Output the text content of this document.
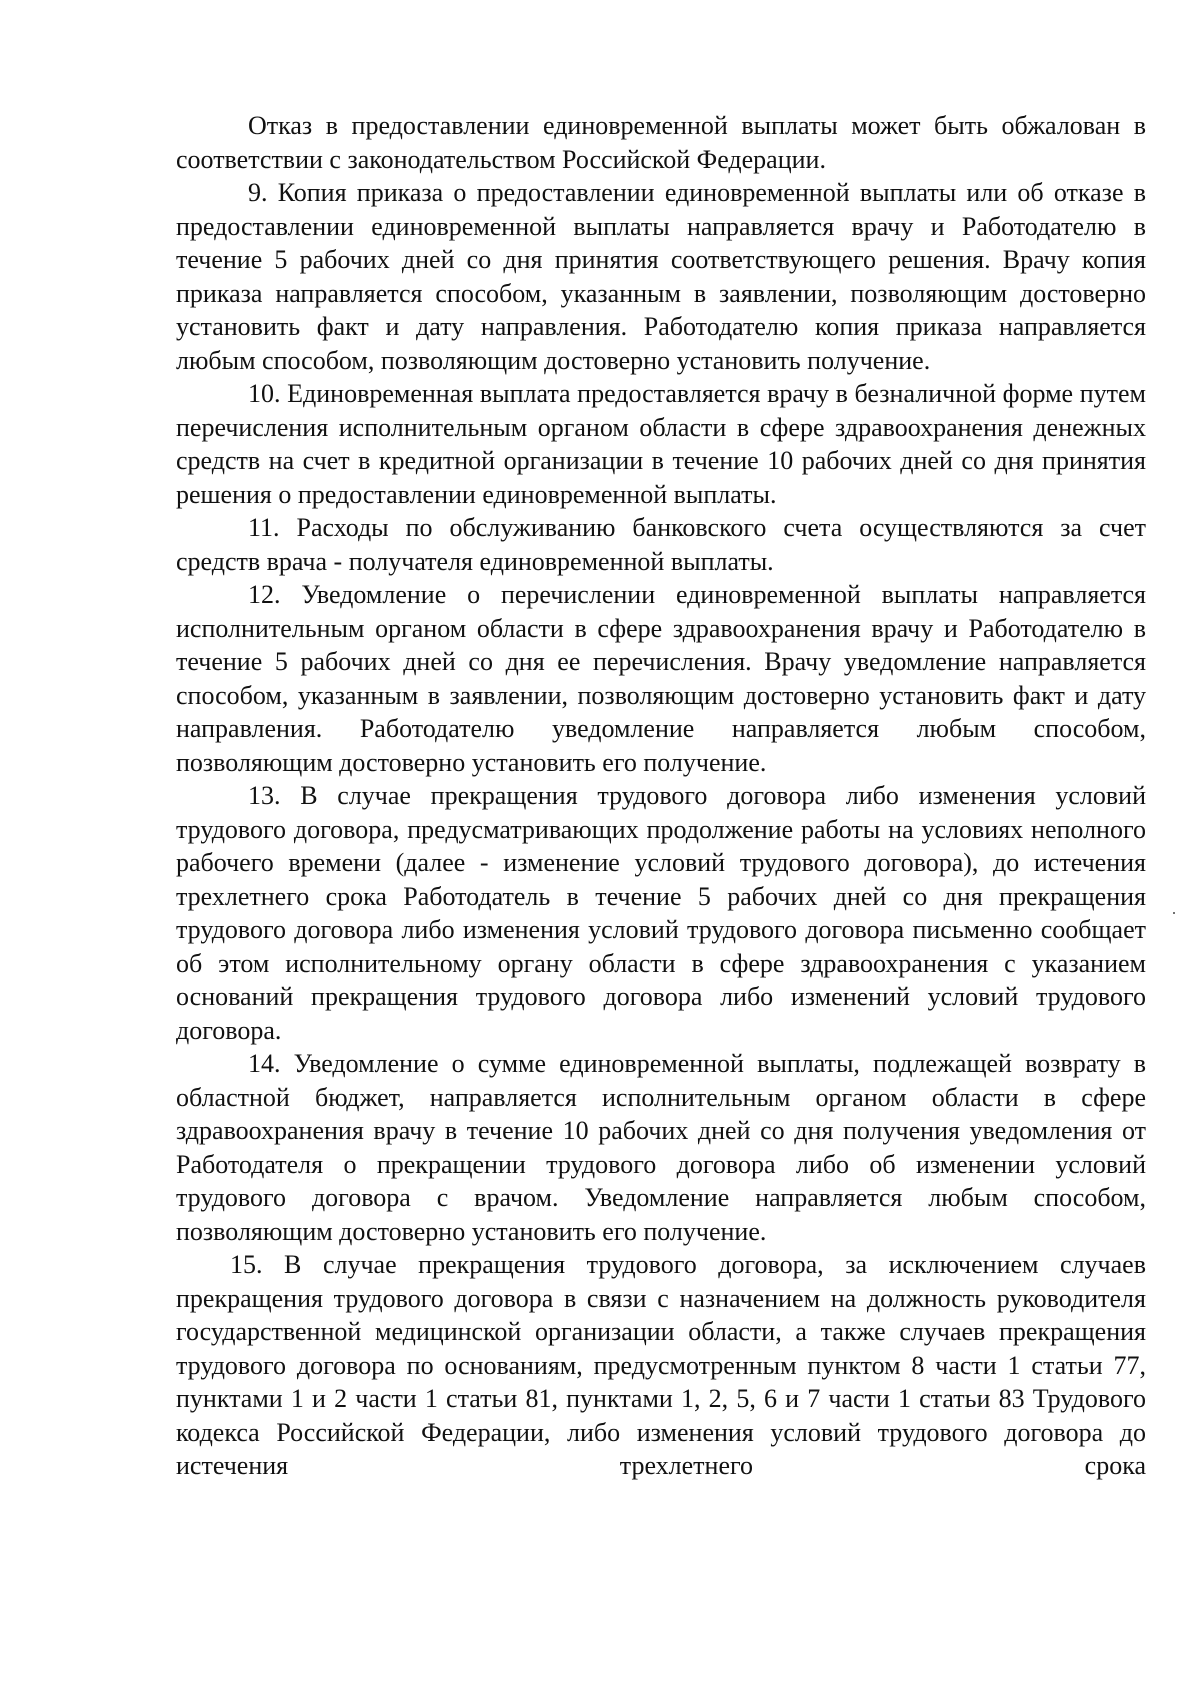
Отказ в предоставлении единовременной выплаты может быть обжалован в соответствии с законодательством Российской Федерации.

9. Копия приказа о предоставлении единовременной выплаты или об отказе в предоставлении единовременной выплаты направляется врачу и Работодателю в течение 5 рабочих дней со дня принятия соответствующего решения. Врачу копия приказа направляется способом, указанным в заявлении, позволяющим достоверно установить факт и дату направления. Работодателю копия приказа направляется любым способом, позволяющим достоверно установить получение.

10. Единовременная выплата предоставляется врачу в безналичной форме путем перечисления исполнительным органом области в сфере здравоохранения денежных средств на счет в кредитной организации в течение 10 рабочих дней со дня принятия решения о предоставлении единовременной выплаты.

11. Расходы по обслуживанию банковского счета осуществляются за счет средств врача - получателя единовременной выплаты.

12. Уведомление о перечислении единовременной выплаты направляется исполнительным органом области в сфере здравоохранения врачу и Работодателю в течение 5 рабочих дней со дня ее перечисления. Врачу уведомление направляется способом, указанным в заявлении, позволяющим достоверно установить факт и дату направления. Работодателю уведомление направляется любым способом, позволяющим достоверно установить его получение.

13. В случае прекращения трудового договора либо изменения условий трудового договора, предусматривающих продолжение работы на условиях неполного рабочего времени (далее - изменение условий трудового договора), до истечения трехлетнего срока Работодатель в течение 5 рабочих дней со дня прекращения трудового договора либо изменения условий трудового договора письменно сообщает об этом исполнительному органу области в сфере здравоохранения с указанием оснований прекращения трудового договора либо изменений условий трудового договора.

14. Уведомление о сумме единовременной выплаты, подлежащей возврату в областной бюджет, направляется исполнительным органом области в сфере здравоохранения врачу в течение 10 рабочих дней со дня получения уведомления от Работодателя о прекращении трудового договора либо об изменении условий трудового договора с врачом. Уведомление направляется любым способом, позволяющим достоверно установить его получение.

15. В случае прекращения трудового договора, за исключением случаев прекращения трудового договора в связи с назначением на должность руководителя государственной медицинской организации области, а также случаев прекращения трудового договора по основаниям, предусмотренным пунктом 8 части 1 статьи 77, пунктами 1 и 2 части 1 статьи 81, пунктами 1, 2, 5, 6 и 7 части 1 статьи 83 Трудового кодекса Российской Федерации, либо изменения условий трудового договора до истечения трехлетнего срока
